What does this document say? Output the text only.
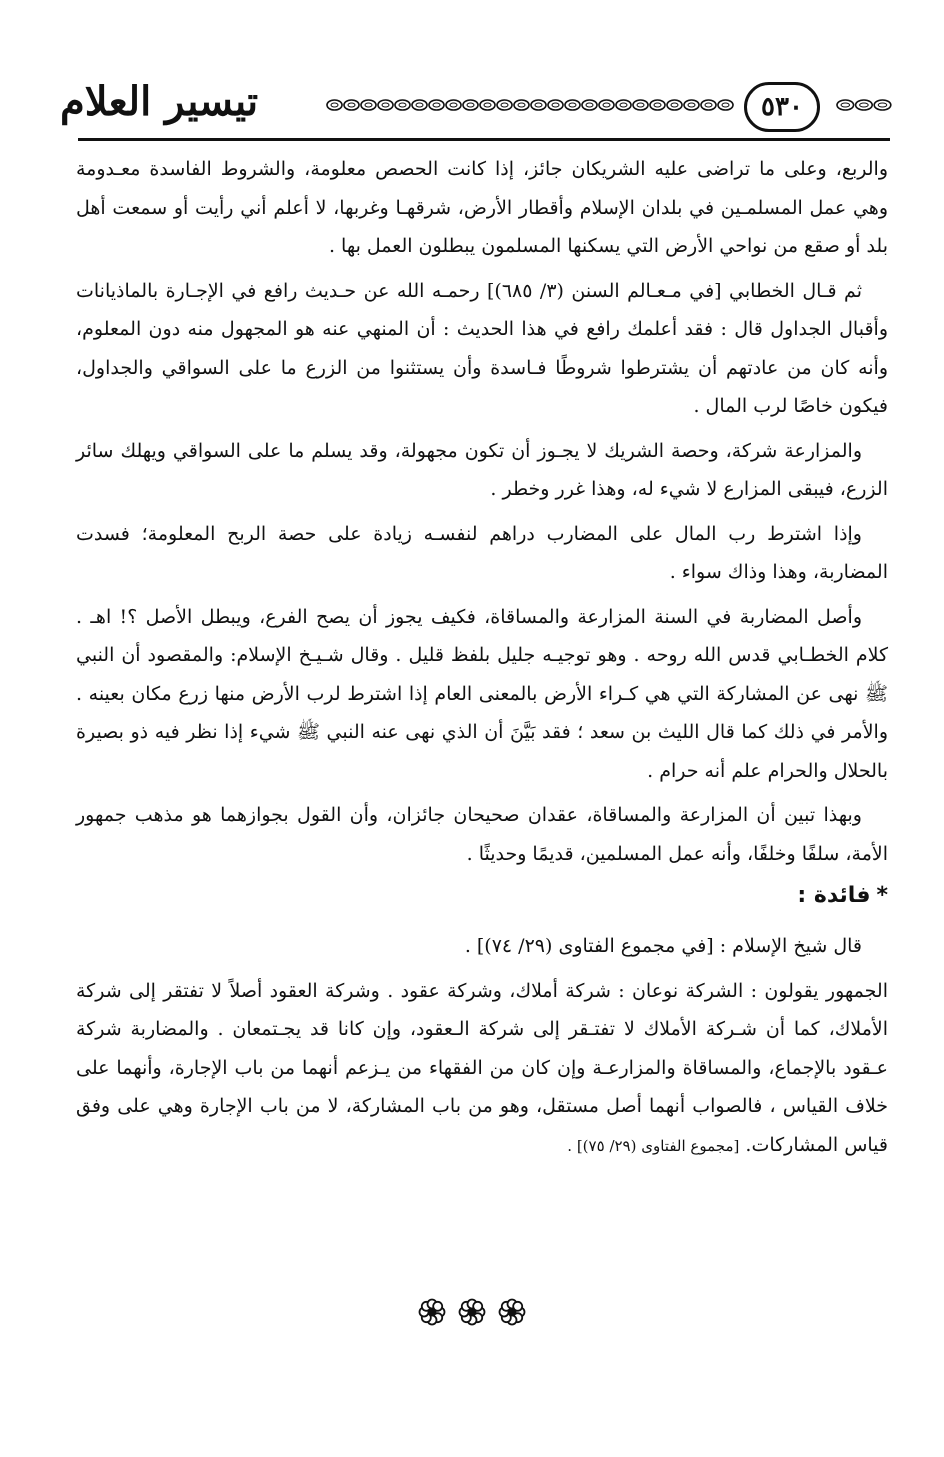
تيسير العلام	٥٣٠

والربع، وعلى ما تراضى عليه الشريكان جائز، إذا كانت الحصص معلومة، والشروط الفاسدة معـدومة وهي عمل المسلمـين في بلدان الإسلام وأقطار الأرض، شرقهـا وغربها، لا أعلم أني رأيت أو سمعت أهل بلد أو صقع من نواحي الأرض التي يسكنها المسلمون يبطلون العمل بها .

ثم قـال الخطابي [في مـعـالم السنن (٣/ ٦٨٥)] رحمـه الله عن حـديث رافع في الإجـارة بالماذيانات وأقبال الجداول قال : فقد أعلمك رافع في هذا الحديث : أن المنهي عنه هو المجهول منه دون المعلوم، وأنه كان من عادتهم أن يشترطوا شروطًا فـاسدة وأن يستثنوا من الزرع ما على السواقي والجداول، فيكون خاصًا لرب المال .

والمزارعة شركة، وحصة الشريك لا يجـوز أن تكون مجهولة، وقد يسلم ما على السواقي ويهلك سائر الزرع، فيبقى المزارع لا شيء له، وهذا غرر وخطر .

وإذا اشترط رب المال على المضارب دراهم لنفسـه زيادة على حصة الربح المعلومة؛ فسدت المضاربة، وهذا وذاك سواء .

وأصل المضاربة في السنة المزارعة والمساقاة، فكيف يجوز أن يصح الفرع، ويبطل الأصل ؟! اهـ . كلام الخطـابي قدس الله روحه . وهو توجيـه جليل بلفظ قليل . وقال شـيـخ الإسلام: والمقصود أن النبي ﷺ نهى عن المشاركة التي هي كـراء الأرض بالمعنى العام إذا اشترط لرب الأرض منها زرع مكان بعينه . والأمر في ذلك كما قال الليث بن سعد ؛ فقد بَيَّنَ أن الذي نهى عنه النبي ﷺ شيء إذا نظر فيه ذو بصيرة بالحلال والحرام علم أنه حرام .

وبهذا تبين أن المزارعة والمساقاة، عقدان صحيحان جائزان، وأن القول بجوازهما هو مذهب جمهور الأمة، سلفًا وخلفًا، وأنه عمل المسلمين، قديمًا وحديثًا .

*فائدة :

قال شيخ الإسلام : [في مجموع الفتاوى (٢٩/ ٧٤)] .

الجمهور يقولون : الشركة نوعان : شركة أملاك، وشركة عقود . وشركة العقود أصلاً لا تفتقر إلى شركة الأملاك، كما أن شـركة الأملاك لا تفتـقر إلى شركة الـعقود، وإن كانا قد يجـتمعان . والمضاربة شركة عـقود بالإجماع، والمساقاة والمزارعـة وإن كان من الفقهاء من يـزعم أنهما من باب الإجارة، وأنهما على خلاف القياس ، فالصواب أنهما أصل مستقل، وهو من باب المشاركة، لا من باب الإجارة وهي على وفق قياس المشاركات. [مجموع الفتاوى (٢٩/ ٧٥)] .
